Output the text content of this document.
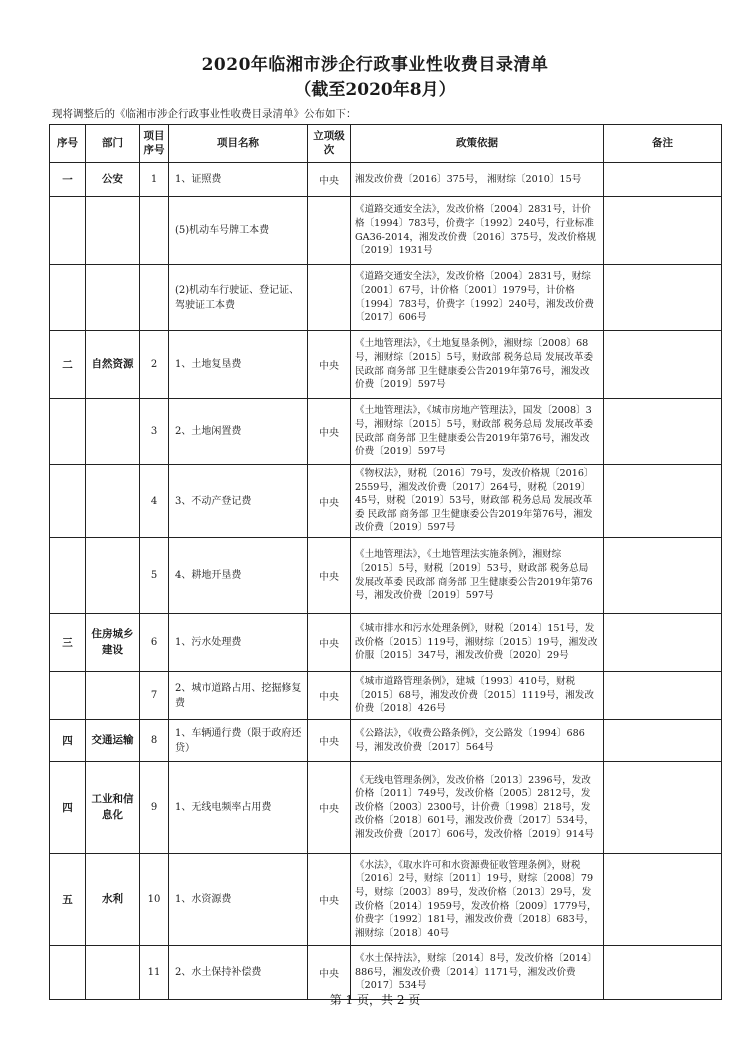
2020年临湘市涉企行政事业性收费目录清单
（截至2020年8月）
现将调整后的《临湘市涉企行政事业性收费目录清单》公布如下：
序号	部门	项目序号	项目名称	立项级次	政策依据	备注
一	公安	1	1、证照费	中央	湘发改价费〔2016〕375号， 湘财综〔2010〕15号	
			(5)机动车号牌工本费		《道路交通安全法》，发改价格〔2004〕2831号，计价格〔1994〕783号，价费字〔1992〕240号，行业标准GA36-2014，湘发改价费〔2016〕375号，发改价格规〔2019〕1931号	
			(2)机动车行驶证、登记证、驾驶证工本费		《道路交通安全法》，发改价格〔2004〕2831号，财综〔2001〕67号，计价格〔2001〕1979号，计价格〔1994〕783号，价费字〔1992〕240号，湘发改价费〔2017〕606号	
二	自然资源	2	1、土地复垦费	中央	《土地管理法》，《土地复垦条例》，湘财综〔2008〕68号，湘财综〔2015〕5号，财政部 税务总局 发展改革委 民政部 商务部 卫生健康委公告2019年第76号，湘发改价费〔2019〕597号	
		3	2、土地闲置费	中央	《土地管理法》，《城市房地产管理法》，国发〔2008〕3号，湘财综〔2015〕5号，财政部 税务总局 发展改革委 民政部 商务部 卫生健康委公告2019年第76号，湘发改价费〔2019〕597号	
		4	3、不动产登记费	中央	《物权法》，财税〔2016〕79号，发改价格规〔2016〕2559号，湘发改价费〔2017〕264号，财税〔2019〕45号，财税〔2019〕53号，财政部 税务总局 发展改革委 民政部 商务部 卫生健康委公告2019年第76号，湘发改价费〔2019〕597号	
		5	4、耕地开垦费	中央	《土地管理法》，《土地管理法实施条例》，湘财综〔2015〕5号，财税〔2019〕53号，财政部 税务总局 发展改革委 民政部 商务部 卫生健康委公告2019年第76号，湘发改价费〔2019〕597号	
三	住房城乡建设	6	1、污水处理费	中央	《城市排水和污水处理条例》，财税〔2014〕151号，发改价格〔2015〕119号，湘财综〔2015〕19号，湘发改价服〔2015〕347号，湘发改价费〔2020〕29号	
		7	2、城市道路占用、挖掘修复费	中央	《城市道路管理条例》，建城〔1993〕410号，财税〔2015〕68号，湘发改价费〔2015〕1119号，湘发改价费〔2018〕426号	
四	交通运输	8	1、车辆通行费（限于政府还贷）	中央	《公路法》，《收费公路条例》，交公路发〔1994〕686号，湘发改价费〔2017〕564号	
四	工业和信息化	9	1、无线电频率占用费	中央	《无线电管理条例》，发改价格〔2013〕2396号，发改价格〔2011〕749号，发改价格〔2005〕2812号，发改价格〔2003〕2300号，计价费〔1998〕218号，发改价格〔2018〕601号，湘发改价费〔2017〕534号，湘发改价费〔2017〕606号，发改价格〔2019〕914号	
五	水利	10	1、水资源费	中央	《水法》，《取水许可和水资源费征收管理条例》，财税〔2016〕2号，财综〔2011〕19号，财综〔2008〕79号，财综〔2003〕89号，发改价格〔2013〕29号，发改价格〔2014〕1959号，发改价格〔2009〕1779号，价费字〔1992〕181号，湘发改价费〔2018〕683号，湘财综〔2018〕40号	
		11	2、水土保持补偿费	中央	《水土保持法》，财综〔2014〕8号，发改价格〔2014〕886号，湘发改价费〔2014〕1171号，湘发改价费〔2017〕534号	
第 1 页，共 2 页
